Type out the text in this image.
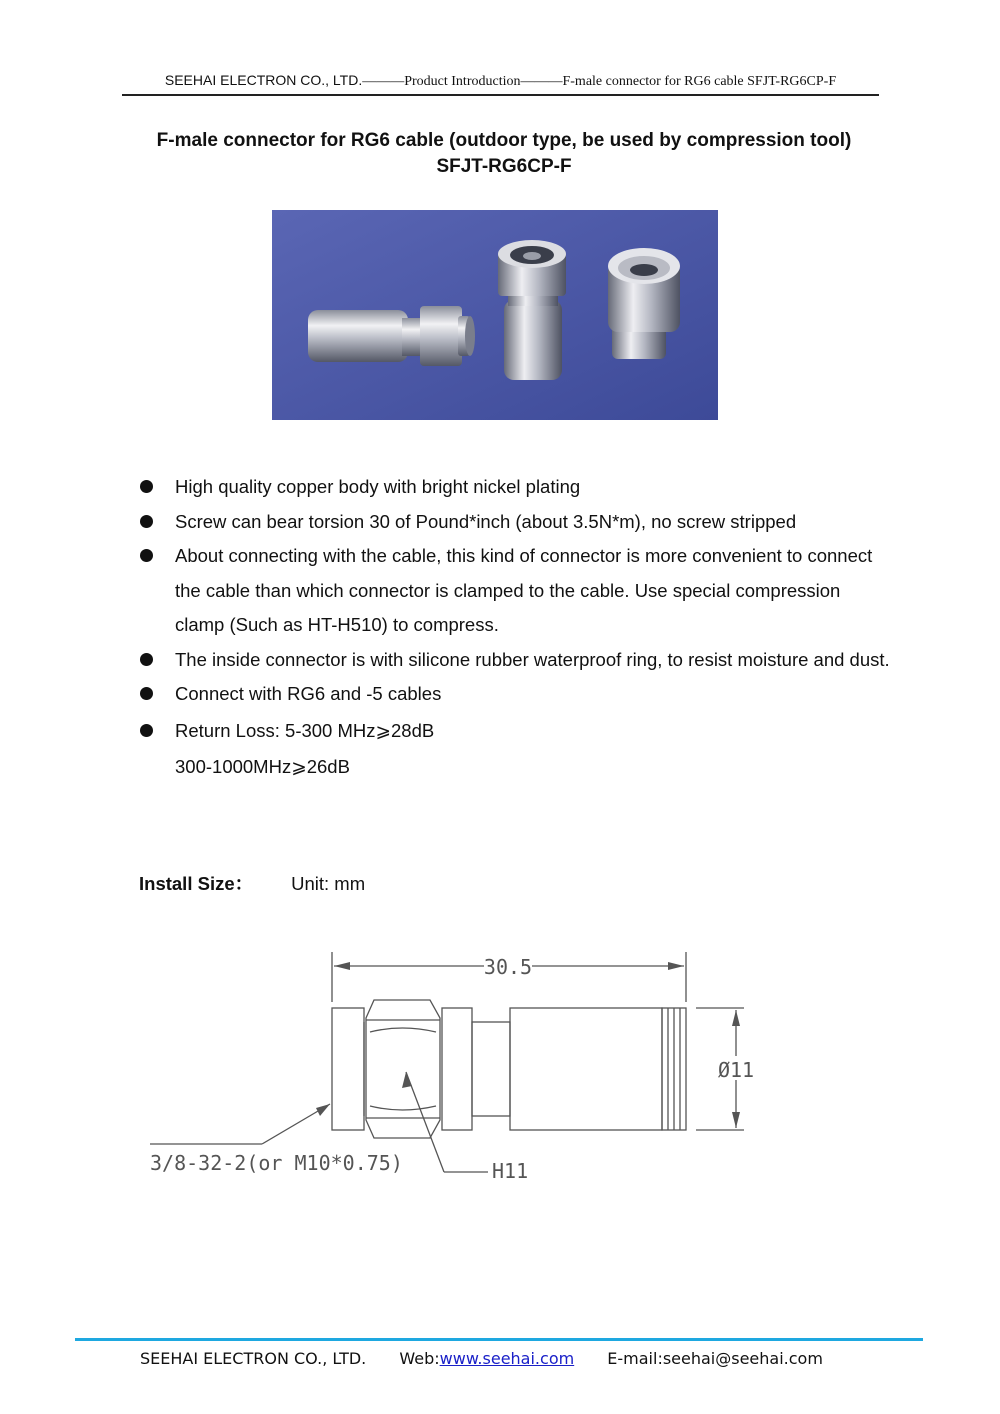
SEEHAI ELECTRON CO., LTD.———Product Introduction———F-male connector for RG6 cable SFJT-RG6CP-F
F-male connector for RG6 cable (outdoor type, be used by compression tool) SFJT-RG6CP-F
High quality copper body with bright nickel plating
Screw can bear torsion 30 of Pound*inch (about 3.5N*m), no screw stripped
About connecting with the cable, this kind of connector is more convenient to connect the cable than which connector is clamped to the cable. Use special compression clamp (Such as HT-H510) to compress.
The inside connector is with silicone rubber waterproof ring, to resist moisture and dust.
Connect with RG6 and -5 cables
Return Loss: 5-300 MHz⩾28dB
300-1000MHz⩾26dB
Install Size： Unit: mm
30.5
Ø11
3/8-32-2(or M10*0.75)	H11
SEEHAI ELECTRON CO., LTD. Web:www.seehai.com E-mail:seehai@seehai.com
